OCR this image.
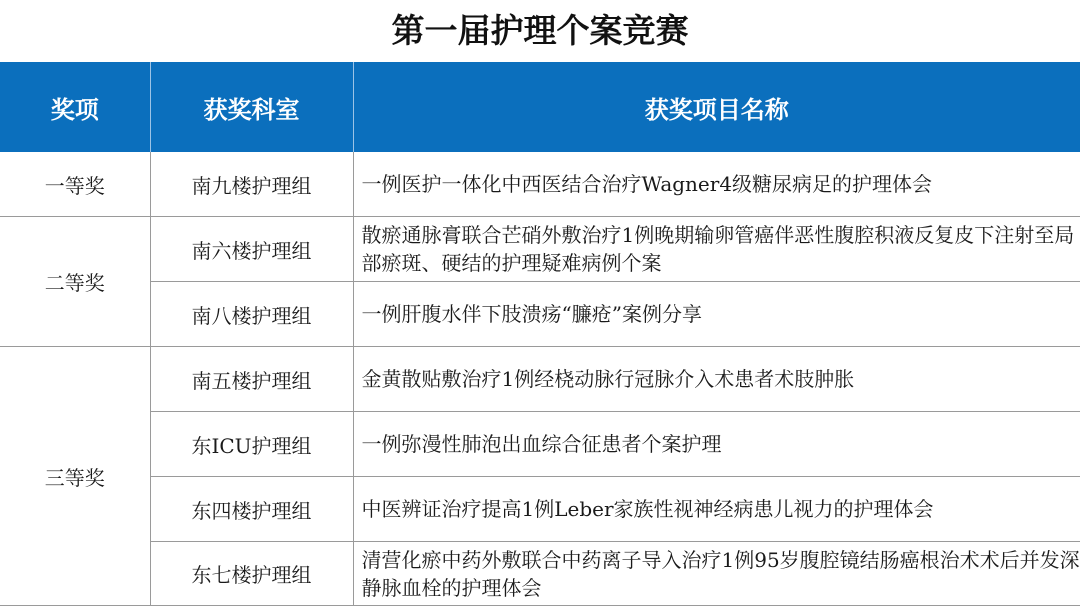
第一届护理个案竞赛
奖项	获奖科室	获奖项目名称
一等奖	南九楼护理组	一例医护一体化中西医结合治疗Wagner4级糖尿病足的护理体会
二等奖	南六楼护理组	散瘀通脉膏联合芒硝外敷治疗1例晚期输卵管癌伴恶性腹腔积液反复皮下注射至局部瘀斑、硬结的护理疑难病例个案
	南八楼护理组	一例肝腹水伴下肢溃疡“臁疮”案例分享
三等奖	南五楼护理组	金黄散贴敷治疗1例经桡动脉行冠脉介入术患者术肢肿胀
	东ICU护理组	一例弥漫性肺泡出血综合征患者个案护理
	东四楼护理组	中医辨证治疗提高1例Leber家族性视神经病患儿视力的护理体会
	东七楼护理组	清营化瘀中药外敷联合中药离子导入治疗1例95岁腹腔镜结肠癌根治术术后并发深静脉血栓的护理体会
